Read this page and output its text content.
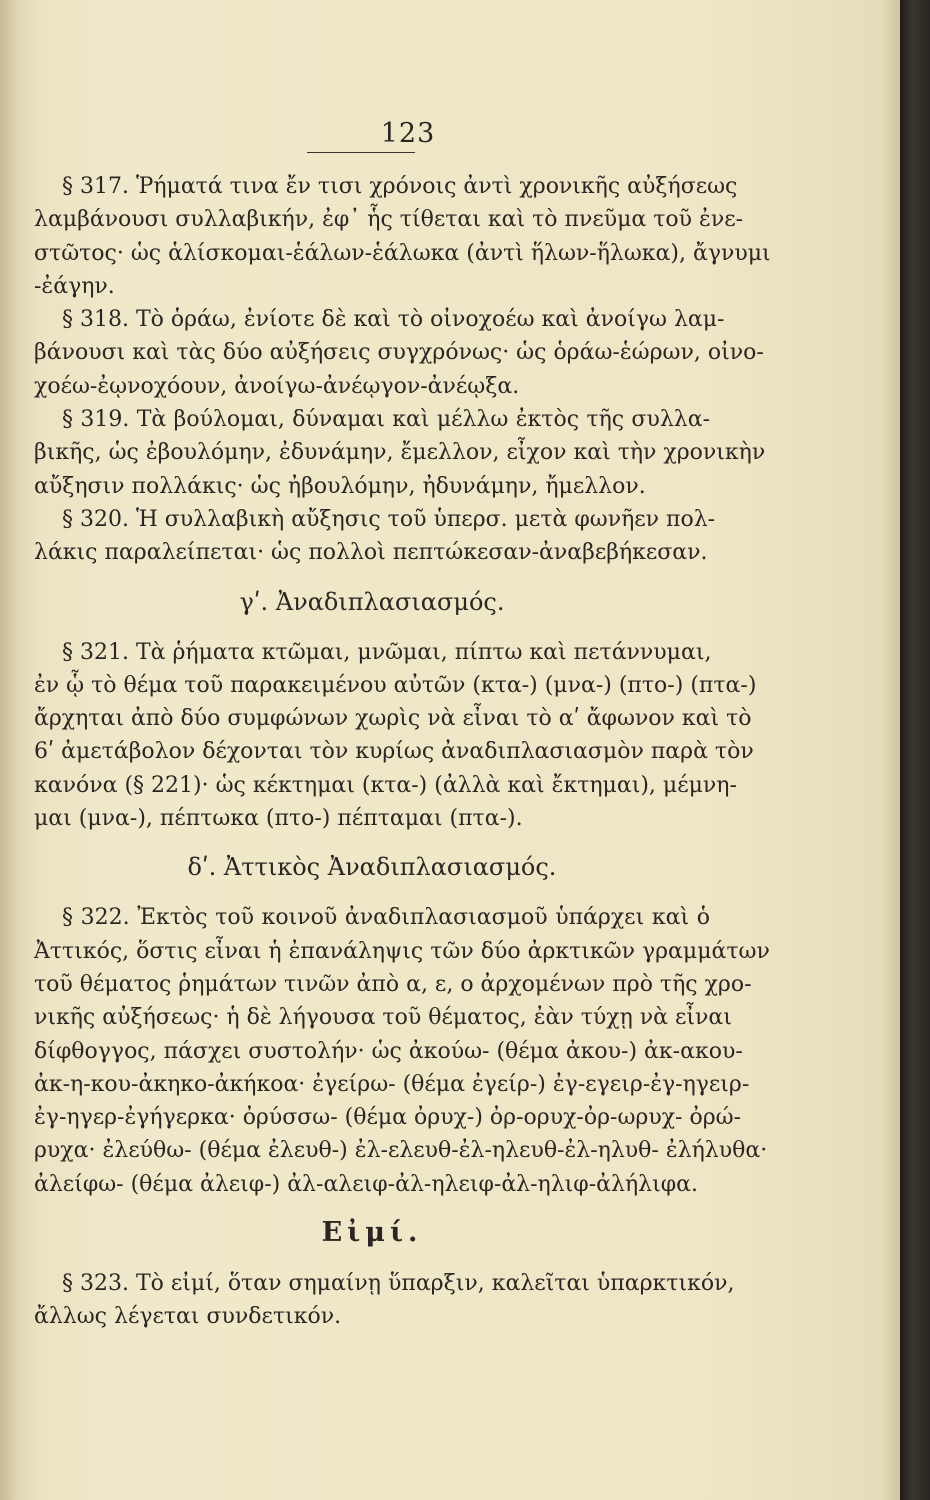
123
§ 317. Ῥήματά τινα ἔν τισι χρόνοις ἀντὶ χρονικῆς αὐξήσεως
λαμβάνουσι συλλαβικήν, ἐφ᾽ ἧς τίθεται καὶ τὸ πνεῦμα τοῦ ἐνε-
στῶτος· ὡς ἁλίσκομαι-ἑάλων-ἑάλωκα (ἀντὶ ἥλων-ἥλωκα), ἄγνυμι
-ἐάγην.
§ 318. Τὸ ὁράω, ἐνίοτε δὲ καὶ τὸ οἰνοχοέω καὶ ἀνοίγω λαμ-
βάνουσι καὶ τὰς δύο αὐξήσεις συγχρόνως· ὡς ὁράω-ἑώρων, οἰνο-
χοέω-ἐῳνοχόουν, ἀνοίγω-ἀνέῳγον-ἀνέῳξα.
§ 319. Τὰ βούλομαι, δύναμαι καὶ μέλλω ἐκτὸς τῆς συλλα-
βικῆς, ὡς ἐβουλόμην, ἐδυνάμην, ἔμελλον, εἶχον καὶ τὴν χρονικὴν
αὔξησιν πολλάκις· ὡς ἠβουλόμην, ἠδυνάμην, ἤμελλον.
§ 320. Ἡ συλλαβικὴ αὔξησις τοῦ ὑπερσ. μετὰ φωνῆεν πολ-
λάκις παραλείπεται· ὡς πολλοὶ πεπτώκεσαν-ἀναβεβήκεσαν.
γʹ. Ἀναδιπλασιασμός.
§ 321. Τὰ ῥήματα κτῶμαι, μνῶμαι, πίπτω καὶ πετάννυμαι,
ἐν ᾧ τὸ θέμα τοῦ παρακειμένου αὐτῶν (κτα-) (μνα-) (πτο-) (πτα-)
ἄρχηται ἀπὸ δύο συμφώνων χωρὶς νὰ εἶναι τὸ αʹ ἄφωνον καὶ τὸ
6ʹ ἀμετάβολον δέχονται τὸν κυρίως ἀναδιπλασιασμὸν παρὰ τὸν
κανόνα (§ 221)· ὡς κέκτημαι (κτα-) (ἀλλὰ καὶ ἔκτημαι), μέμνη-
μαι (μνα-), πέπτωκα (πτο-) πέπταμαι (πτα-).
δʹ. Ἀττικὸς Ἀναδιπλασιασμός.
§ 322. Ἐκτὸς τοῦ κοινοῦ ἀναδιπλασιασμοῦ ὑπάρχει καὶ ὁ
Ἀττικός, ὅστις εἶναι ἡ ἐπανάληψις τῶν δύο ἀρκτικῶν γραμμάτων
τοῦ θέματος ῥημάτων τινῶν ἀπὸ α, ε, ο ἀρχομένων πρὸ τῆς χρο-
νικῆς αὐξήσεως· ἡ δὲ λήγουσα τοῦ θέματος, ἐὰν τύχῃ νὰ εἶναι
δίφθογγος, πάσχει συστολήν· ὡς ἀκούω- (θέμα ἀκου-) ἀκ-ακου-
ἀκ-η-κου-ἀκηκο-ἀκήκοα· ἐγείρω- (θέμα ἐγείρ-) ἐγ-εγειρ-ἐγ-ηγειρ-
ἐγ-ηγερ-ἐγήγερκα· ὀρύσσω- (θέμα ὀρυχ-) ὀρ-ορυχ-ὀρ-ωρυχ- ὀρώ-
ρυχα· ἐλεύθω- (θέμα ἐλευθ-) ἐλ-ελευθ-ἐλ-ηλευθ-ἐλ-ηλυθ- ἐλήλυθα·
ἀλείφω- (θέμα ἀλειφ-) ἀλ-αλειφ-ἀλ-ηλειφ-ἀλ-ηλιφ-ἀλήλιφα.
Εἰμί.
§ 323. Τὸ εἰμί, ὅταν σημαίνῃ ὕπαρξιν, καλεῖται ὑπαρκτικόν,
ἄλλως λέγεται συνδετικόν.
